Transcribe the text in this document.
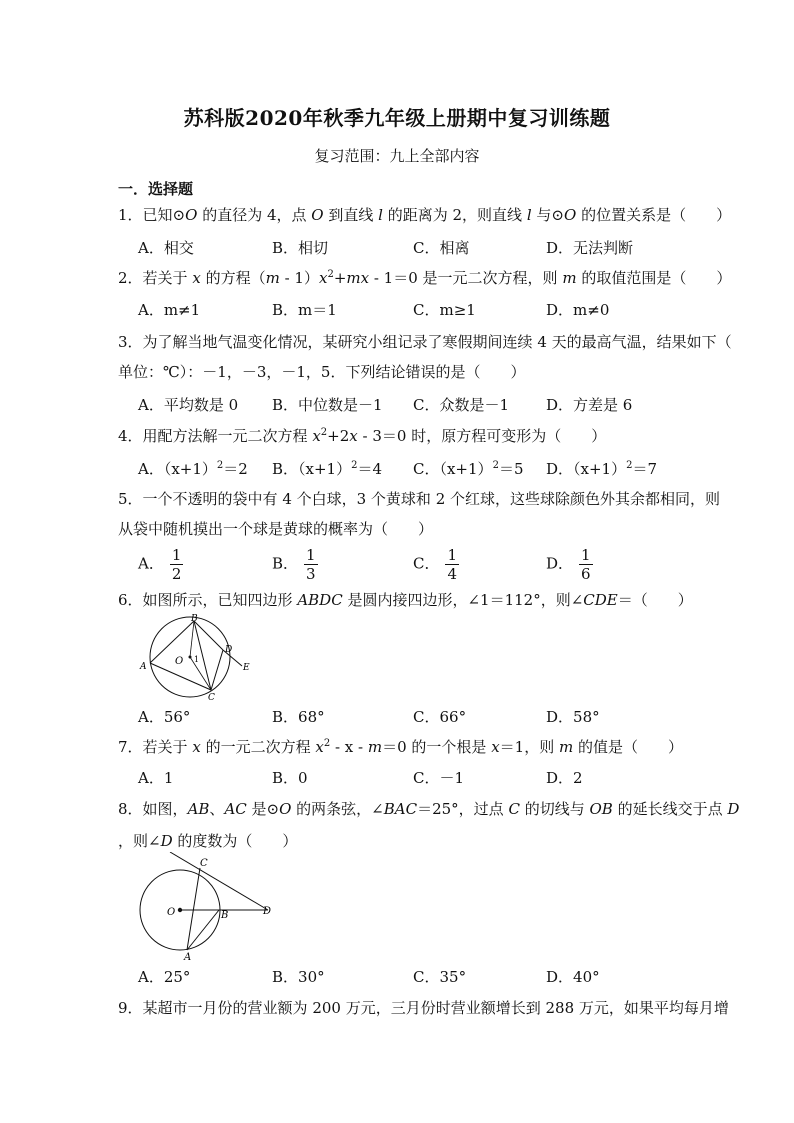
苏科版2020年秋季九年级上册期中复习训练题
复习范围：九上全部内容
一．选择题
1．已知⊙O 的直径为 4，点 O 到直线 l 的距离为 2，则直线 l 与⊙O 的位置关系是（　　）
A．相交	B．相切	C．相离	D．无法判断
2．若关于 x 的方程$(m - 1)x^2+mx - 1=0$ 是一元二次方程，则 m 的取值范围是（　　）
A．m≠1	B．m＝1	C．m≥1	D．m≠0
3．为了解当地气温变化情况，某研究小组记录了寒假期间连续 4 天的最高气温，结果如下（
单位：℃）：－1，－3，－1，5．下列结论错误的是（　　）
A．平均数是 0 B．中位数是－1 C．众数是－1 D．方差是 6
4．用配方法解一元二次方程 $x^2+2x - 3=0$ 时，原方程可变形为（　　）
A．$(x+1)^2=2$ B．$(x+1)^2=4$ C．$(x+1)^2=5$ D．$(x+1)^2=7$
5．一个不透明的袋中有 4 个白球，3 个黄球和 2 个红球，这些球除颜色外其余都相同，则
从袋中随机摸出一个球是黄球的概率为（　　）
A． $\frac{1}{2}$	B． $\frac{1}{3}$	C． $\frac{1}{4}$	D． $\frac{1}{6}$
6．如图所示，已知四边形 ABDC 是圆内接四边形，∠1＝112°，则∠CDE＝（　　）
A
B
C
D
E
O 1
A．56°	B．68°	C．66°	D．58°
7．若关于 x 的一元二次方程 $x^2 - x - m=0$ 的一个根是 x＝1，则 m 的值是（　　）
A．1	B．0	C．－1	D．2
8．如图，AB、AC 是⊙O 的两条弦，∠BAC＝25°，过点 C 的切线与 OB 的延长线交于点 D
，则∠D 的度数为（　　）
O
C
B	D
A
A．25°	B．30°	C．35°	D．40°
9．某超市一月份的营业额为 200 万元，三月份时营业额增长到 288 万元，如果平均每月增
